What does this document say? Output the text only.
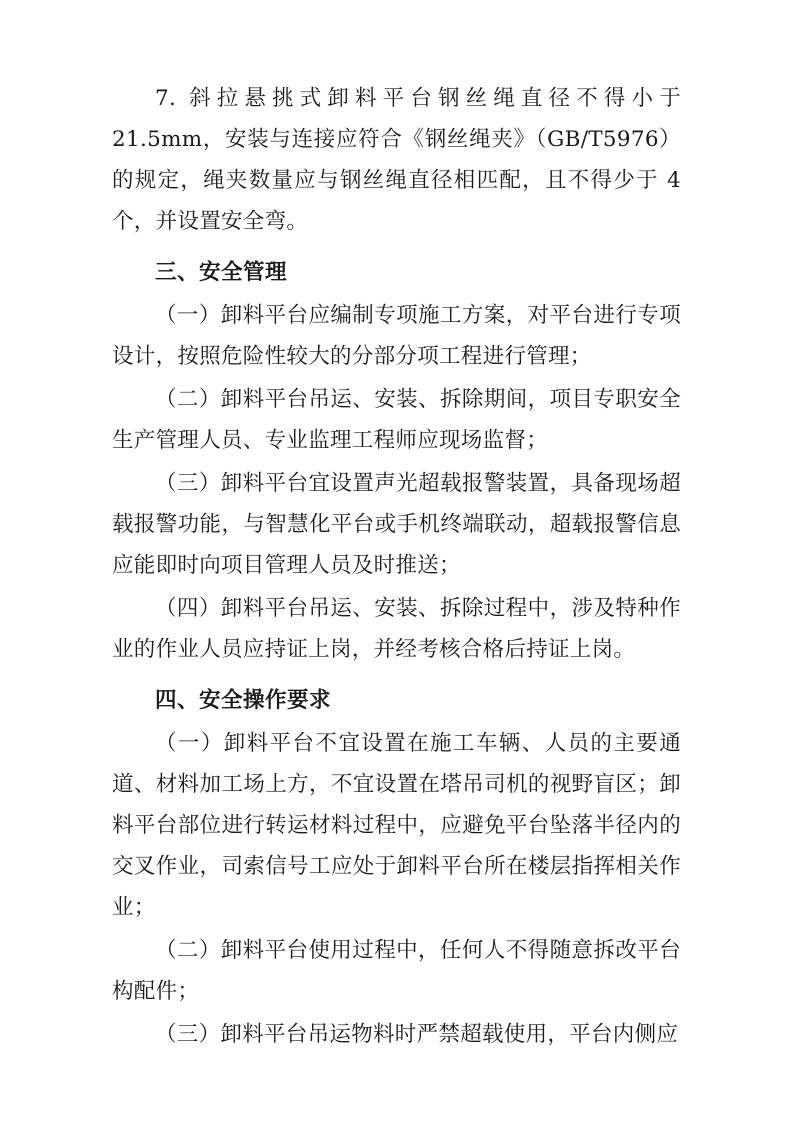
7. 斜拉悬挑式卸料平台钢丝绳直径不得小于 21.5mm，安装与连接应符合《钢丝绳夹》（GB/T5976）的规定，绳夹数量应与钢丝绳直径相匹配，且不得少于 4 个，并设置安全弯。

三、安全管理

（一）卸料平台应编制专项施工方案，对平台进行专项设计，按照危险性较大的分部分项工程进行管理；

（二）卸料平台吊运、安装、拆除期间，项目专职安全生产管理人员、专业监理工程师应现场监督；

（三）卸料平台宜设置声光超载报警装置，具备现场超载报警功能，与智慧化平台或手机终端联动，超载报警信息应能即时向项目管理人员及时推送；

（四）卸料平台吊运、安装、拆除过程中，涉及特种作业的作业人员应持证上岗，并经考核合格后持证上岗。

四、安全操作要求

（一）卸料平台不宜设置在施工车辆、人员的主要通道、材料加工场上方，不宜设置在塔吊司机的视野盲区；卸料平台部位进行转运材料过程中，应避免平台坠落半径内的交叉作业，司索信号工应处于卸料平台所在楼层指挥相关作业；

（二）卸料平台使用过程中，任何人不得随意拆改平台构配件；

（三）卸料平台吊运物料时严禁超载使用，平台内侧应
